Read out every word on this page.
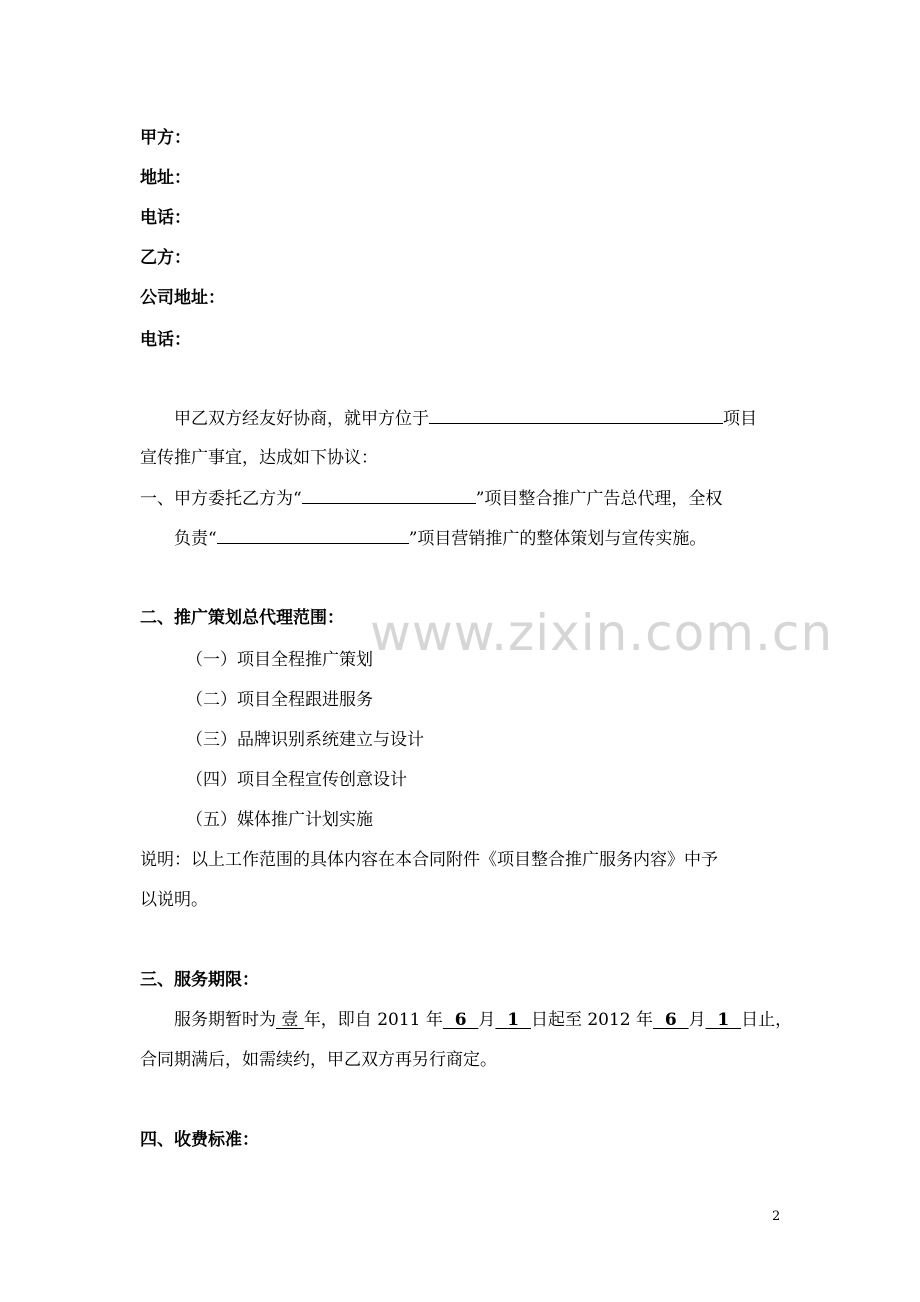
www.zixin.com.cn
甲方：
地址：
电话：
乙方：
公司地址：
电话：
甲乙双方经友好协商，就甲方位于	项目
宣传推广事宜，达成如下协议：
一、甲方委托乙方为“	”项目整合推广广告总代理，全权
负责“	”项目营销推广的整体策划与宣传实施。
二、推广策划总代理范围：
（一）项目全程推广策划
（二）项目全程跟进服务
（三）品牌识别系统建立与设计
（四）项目全程宣传创意设计
（五）媒体推广计划实施
说明：以上工作范围的具体内容在本合同附件《项目整合推广服务内容》中予
以说明。
三、服务期限：
服务期暂时为 壹 年，即自 2011 年 6 月 1 日起至 2012 年 6 月 1 日止，
合同期满后，如需续约，甲乙双方再另行商定。
四、收费标准：
2
